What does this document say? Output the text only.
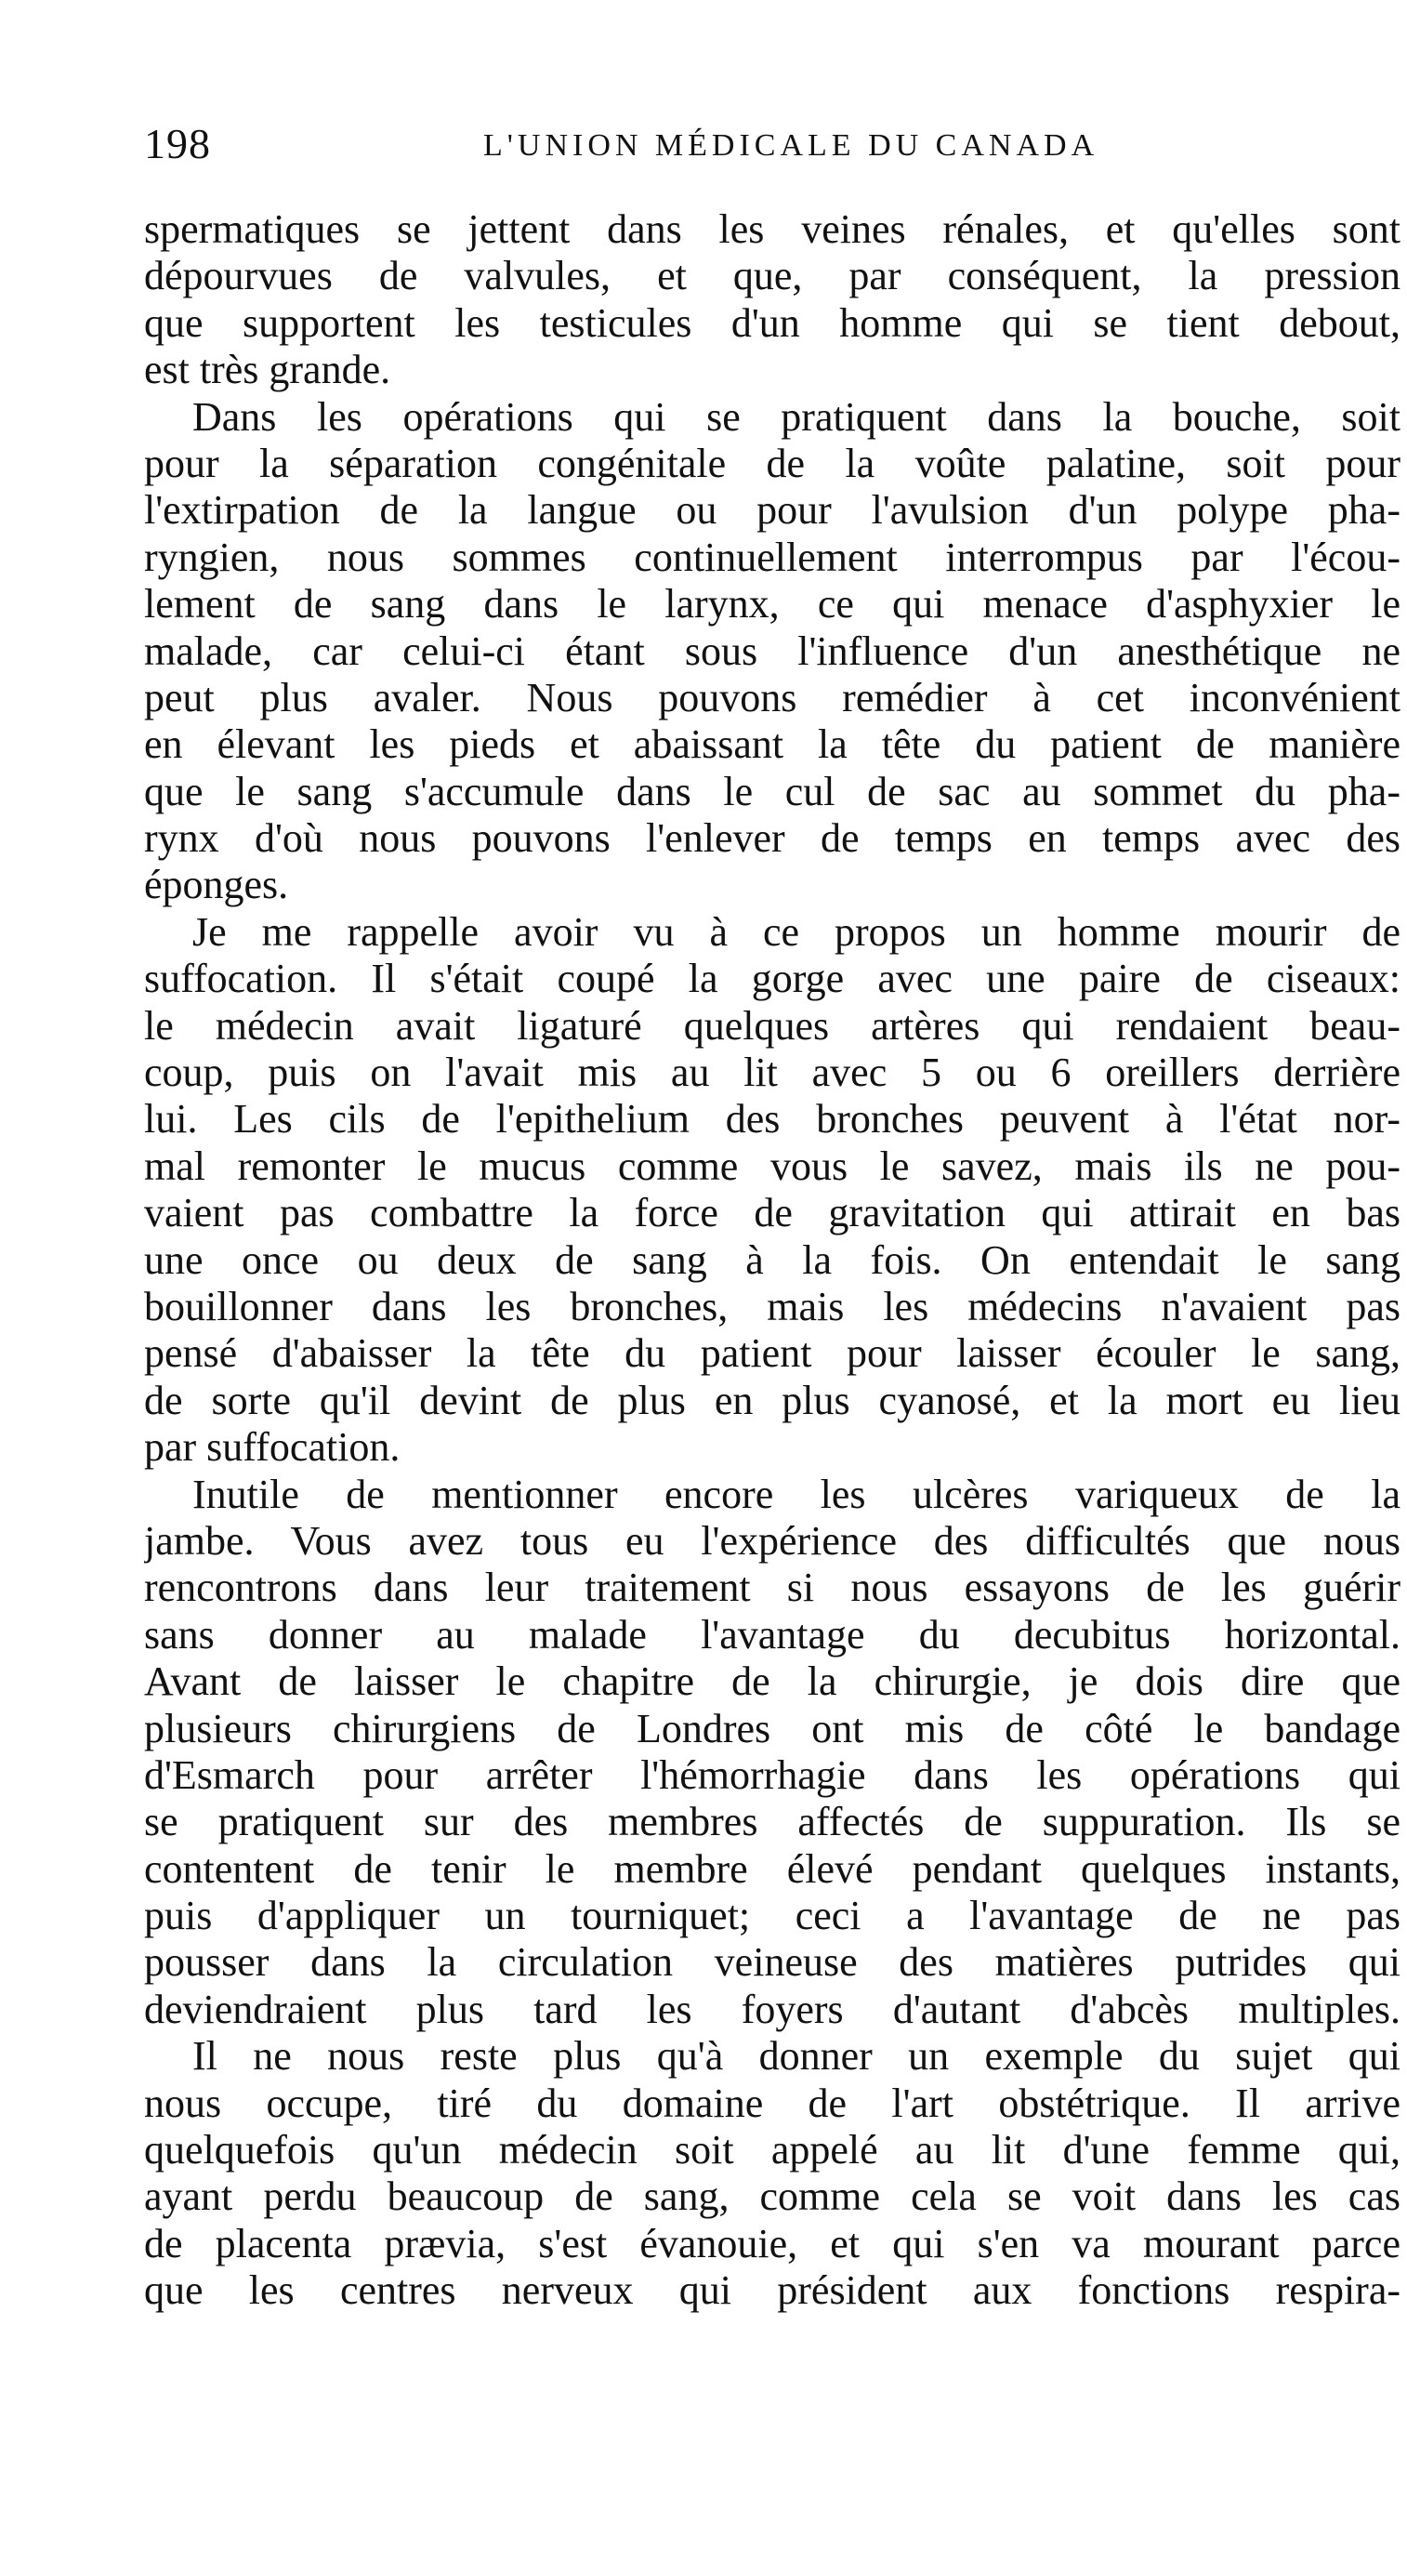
198	L'UNION MÉDICALE DU CANADA
spermatiques se jettent dans les veines rénales, et qu'elles sont
dépourvues de valvules, et que, par conséquent, la pression
que supportent les testicules d'un homme qui se tient debout,
est très grande.
Dans les opérations qui se pratiquent dans la bouche, soit
pour la séparation congénitale de la voûte palatine, soit pour
l'extirpation de la langue ou pour l'avulsion d'un polype pha-
ryngien, nous sommes continuellement interrompus par l'écou-
lement de sang dans le larynx, ce qui menace d'asphyxier le
malade, car celui-ci étant sous l'influence d'un anesthétique ne
peut plus avaler. Nous pouvons remédier à cet inconvénient
en élevant les pieds et abaissant la tête du patient de manière
que le sang s'accumule dans le cul de sac au sommet du pha-
rynx d'où nous pouvons l'enlever de temps en temps avec des
éponges.
Je me rappelle avoir vu à ce propos un homme mourir de
suffocation. Il s'était coupé la gorge avec une paire de ciseaux:
le médecin avait ligaturé quelques artères qui rendaient beau-
coup, puis on l'avait mis au lit avec 5 ou 6 oreillers derrière
lui. Les cils de l'epithelium des bronches peuvent à l'état nor-
mal remonter le mucus comme vous le savez, mais ils ne pou-
vaient pas combattre la force de gravitation qui attirait en bas
une once ou deux de sang à la fois. On entendait le sang
bouillonner dans les bronches, mais les médecins n'avaient pas
pensé d'abaisser la tête du patient pour laisser écouler le sang,
de sorte qu'il devint de plus en plus cyanosé, et la mort eu lieu
par suffocation.
Inutile de mentionner encore les ulcères variqueux de la
jambe. Vous avez tous eu l'expérience des difficultés que nous
rencontrons dans leur traitement si nous essayons de les guérir
sans donner au malade l'avantage du decubitus horizontal.
Avant de laisser le chapitre de la chirurgie, je dois dire que
plusieurs chirurgiens de Londres ont mis de côté le bandage
d'Esmarch pour arrêter l'hémorrhagie dans les opérations qui
se pratiquent sur des membres affectés de suppuration. Ils se
contentent de tenir le membre élevé pendant quelques instants,
puis d'appliquer un tourniquet; ceci a l'avantage de ne pas
pousser dans la circulation veineuse des matières putrides qui
deviendraient plus tard les foyers d'autant d'abcès multiples.
Il ne nous reste plus qu'à donner un exemple du sujet qui
nous occupe, tiré du domaine de l'art obstétrique. Il arrive
quelquefois qu'un médecin soit appelé au lit d'une femme qui,
ayant perdu beaucoup de sang, comme cela se voit dans les cas
de placenta prævia, s'est évanouie, et qui s'en va mourant parce
que les centres nerveux qui président aux fonctions respira-
